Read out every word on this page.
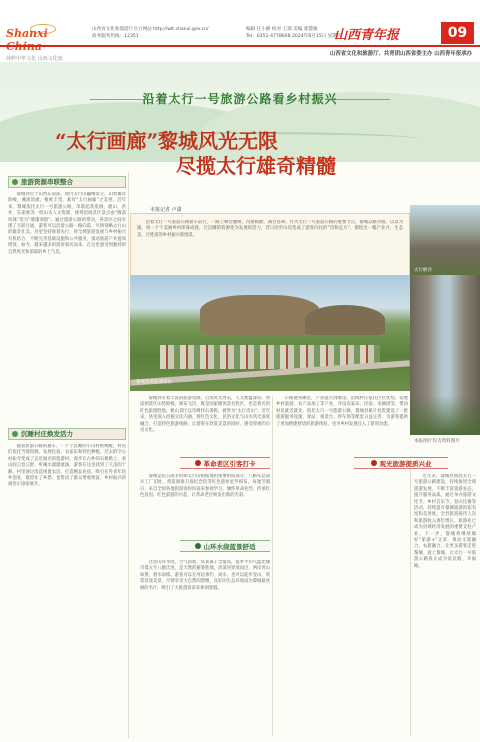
Shanxi
纯粹中华文化 山西文化旅
山西省文化和旅游厅官方网站 http://wlt.shanxi.gov.cn/
政务服务热线：12351
编辑 任小静 校对 王瑞 美编 郭慧敏
Tel：0351-4778608 2024年8月15日 星期四
山西青年报	09
山西省文化和旅游厅、共青团山西省委主办 山西青年报承办
沿着太行一号旅游公路看乡村振兴
“太行画廊”黎城风光无限
尽揽太行雄奇精髓
旅游资源串联整合

黎城县位于山西东南部，境内太行山巍峨耸立，山势雄奇险峻，溪流清澈，植被丰茂，素有“太行画廊”之美誉。近年来，黎城依托太行一号旅游公路，串联起黄崖洞、板山、洪井、东崖底等一批山水人文资源，使得沿线景区景点由“散落珍珠”变为“璀璨项链”。通过旅游公路的带动，各景区之间实现了互联互通，游客可以沿着公路一路向前，尽情领略太行山的雄奇壮美。县里坚持规划先行，将全域旅游发展与乡村振兴有机结合，不断完善基础设施和公共服务，推动旅游产业提质增效。如今，越来越多的游客慕名而来，在这里感受到独特的自然风光和浓郁的乡土气息。

沉睡村庄焕发活力

随着旅游公路的通车，一个个沉睡的小山村被唤醒。村民们依托当地资源，发展民宿、农家乐和特色种植，过去的空心村如今变成了远近闻名的旅游村。漫步在古朴的石板路上，看山间云卷云舒，听溪水潺潺流淌，游客在这里找到了久违的宁静。村里通过改造闲置农房，打造精品民宿，吸引在外青年返乡创业，既留住了乡愁，也带动了群众增收致富，乡村振兴的画卷正徐徐展开。

本报记者 卢潇

沿着太行一号旅游公路驱车前行，一路上峰峦叠嶂，沟壑纵横，满目苍翠。作为太行一号旅游公路的重要节点，黎城以路为媒，以景为媒，将一个个美丽乡村串珠成链，让沉睡的资源变为发展的活力，昔日的穷山沟变成了游客向往的“诗和远方”，描绘出一幅产业兴、生态美、百姓富的乡村振兴新图景。

黎城县黄崖洞景区
太行峡谷
本报图片均为资料图片

黎城县有着丰富的旅游资源，自然风光秀美，人文底蕴深厚。黄崖洞景区山势险峻，瀑布飞泻，既是国家级风景名胜区，也是著名的红色旅游胜地。板山景区以奇峰怪石著称，被誉为“太行奇山”。近年来，县里深入挖掘文化内涵，将红色文化、民俗文化与山水风光深度融合，打造特色旅游线路，让游客在欣赏美景的同时，感受厚重的历史文化。

公路通到哪里，产业就兴到哪里。沿线村庄依托区位优势，发展乡村旅游、农产品加工等产业，开设农家乐、民宿、采摘园等，带动村民就近就业。依托太行一号旅游公路，黎城县累计投资建设了一批旅游服务设施，驿站、观景台、停车场等配套日益完善，为游客提供了更加便捷舒适的旅游体验，也为乡村发展注入了新的动能。

革命老区引客打卡

黎城是抗日战争时期太行山根据地的重要组成部分，八路军总部兵工厂旧址、黄崖洞保卫战纪念馆等红色遗址星罗棋布。每逢节假日，来自全国各地的游客纷纷前来参观学习，缅怀革命先烈，传承红色基因。红色旅游的兴起，让革命老区焕发出新的光彩。

山环水绕蓝景舒适

这里山环水绕，空气清新，负氧离子含量高，夏季平均气温比城市低五至八摄氏度，是天然的避暑胜地。清漳河穿境而过，两岸青山如黛，碧水如练。游客可以在河边垂钓、戏水，也可以徒步登山，欣赏沿途美景，尽情享受大自然的馈赠。良好的生态环境成为黎城最亮丽的名片，吸引了大批游客前来休闲度假。

观光旅游提质兴业

近年来，黎城县围绕太行一号旅游公路建设，持续推进全域旅游发展，不断丰富旅游业态，提升服务品质。通过举办旅游文化节、乡村音乐节、登山比赛等活动，持续提升黎城旅游的知名度和美誉度。全县旅游接待人次和旅游收入逐年增长，旅游业已成为县域经济发展的重要支柱产业。下一步，黎城将继续做好“旅游+”文章，推动文旅融合、农旅融合，让更多游客走进黎城、爱上黎城，让太行一号旅游公路真正成为富民路、幸福路。
